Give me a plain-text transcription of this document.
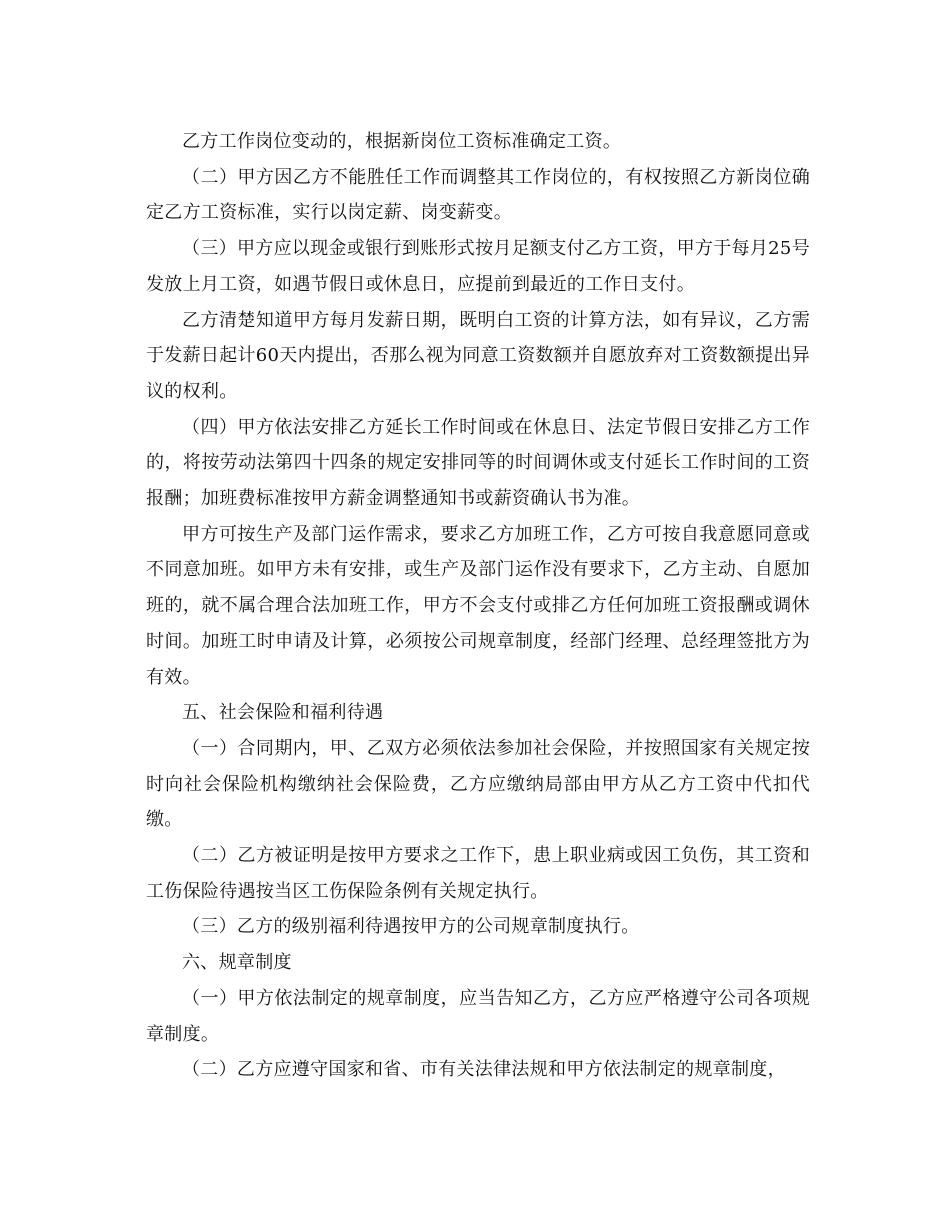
乙方工作岗位变动的，根据新岗位工资标准确定工资。

（二）甲方因乙方不能胜任工作而调整其工作岗位的，有权按照乙方新岗位确定乙方工资标准，实行以岗定薪、岗变薪变。

（三）甲方应以现金或银行到账形式按月足额支付乙方工资，甲方于每月25号发放上月工资，如遇节假日或休息日，应提前到最近的工作日支付。

乙方清楚知道甲方每月发薪日期，既明白工资的计算方法，如有异议，乙方需于发薪日起计60天内提出，否那么视为同意工资数额并自愿放弃对工资数额提出异议的权利。

（四）甲方依法安排乙方延长工作时间或在休息日、法定节假日安排乙方工作的，将按劳动法第四十四条的规定安排同等的时间调休或支付延长工作时间的工资报酬；加班费标准按甲方薪金调整通知书或薪资确认书为准。

甲方可按生产及部门运作需求，要求乙方加班工作，乙方可按自我意愿同意或不同意加班。如甲方未有安排，或生产及部门运作没有要求下，乙方主动、自愿加班的，就不属合理合法加班工作，甲方不会支付或排乙方任何加班工资报酬或调休时间。加班工时申请及计算，必须按公司规章制度，经部门经理、总经理签批方为有效。

五、社会保险和福利待遇

（一）合同期内，甲、乙双方必须依法参加社会保险，并按照国家有关规定按时向社会保险机构缴纳社会保险费，乙方应缴纳局部由甲方从乙方工资中代扣代缴。

（二）乙方被证明是按甲方要求之工作下，患上职业病或因工负伤，其工资和工伤保险待遇按当区工伤保险条例有关规定执行。

（三）乙方的级别福利待遇按甲方的公司规章制度执行。

六、规章制度

（一）甲方依法制定的规章制度，应当告知乙方，乙方应严格遵守公司各项规章制度。

（二）乙方应遵守国家和省、市有关法律法规和甲方依法制定的规章制度，
